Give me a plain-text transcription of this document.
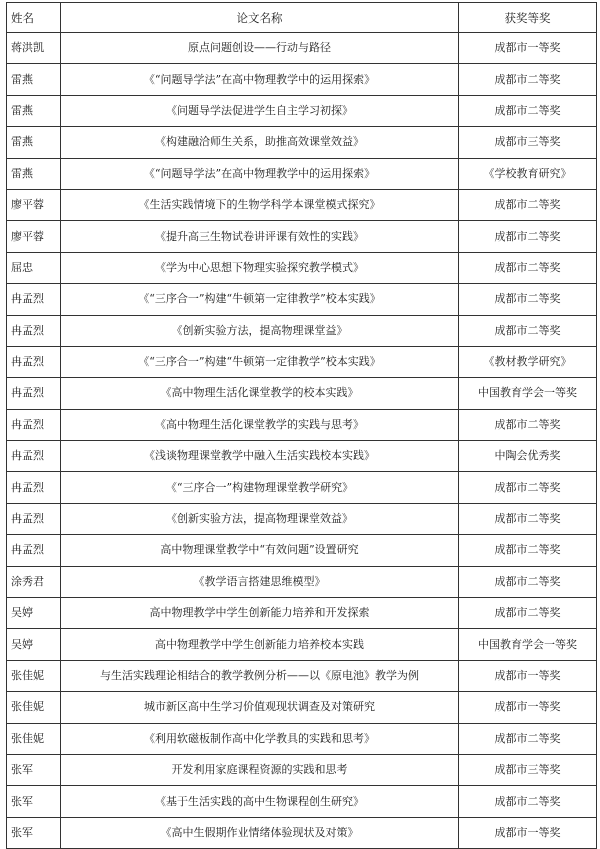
姓名	论文名称	获奖等奖
蒋洪凯	原点问题创设——行动与路径	成都市一等奖
雷燕	《“问题导学法”在高中物理教学中的运用探索》	成都市二等奖
雷燕	《问题导学法促进学生自主学习初探》	成都市二等奖
雷燕	《构建融洽师生关系，助推高效课堂效益》	成都市三等奖
雷燕	《“问题导学法”在高中物理教学中的运用探索》	《学校教育研究》
廖平蓉	《生活实践情境下的生物学科学本课堂模式探究》	成都市二等奖
廖平蓉	《提升高三生物试卷讲评课有效性的实践》	成都市二等奖
屈忠	《学为中心思想下物理实验探究教学模式》	成都市二等奖
冉孟烈	《“三序合一”构建“牛顿第一定律教学”校本实践》	成都市二等奖
冉孟烈	《创新实验方法，提高物理课堂益》	成都市二等奖
冉孟烈	《“三序合一”构建“牛顿第一定律教学”校本实践》	《教材教学研究》
冉孟烈	《高中物理生活化课堂教学的校本实践》	中国教育学会一等奖
冉孟烈	《高中物理生活化课堂教学的实践与思考》	成都市二等奖
冉孟烈	《浅谈物理课堂教学中融入生活实践校本实践》	中陶会优秀奖
冉孟烈	《“三序合一”构建物理课堂教学研究》	成都市二等奖
冉孟烈	《创新实验方法，提高物理课堂效益》	成都市二等奖
冉孟烈	高中物理课堂教学中“有效问题”设置研究	成都市二等奖
涂秀君	《教学语言搭建思维模型》	成都市二等奖
吴婷	高中物理教学中学生创新能力培养和开发探索	成都市二等奖
吴婷	高中物理教学中学生创新能力培养校本实践	中国教育学会一等奖
张佳妮	与生活实践理论相结合的教学教例分析——以《原电池》教学为例	成都市一等奖
张佳妮	城市新区高中生学习价值观现状调查及对策研究	成都市一等奖
张佳妮	《利用软磁板制作高中化学教具的实践和思考》	成都市二等奖
张军	开发利用家庭课程资源的实践和思考	成都市三等奖
张军	《基于生活实践的高中生物课程创生研究》	成都市二等奖
张军	《高中生假期作业情绪体验现状及对策》	成都市一等奖
